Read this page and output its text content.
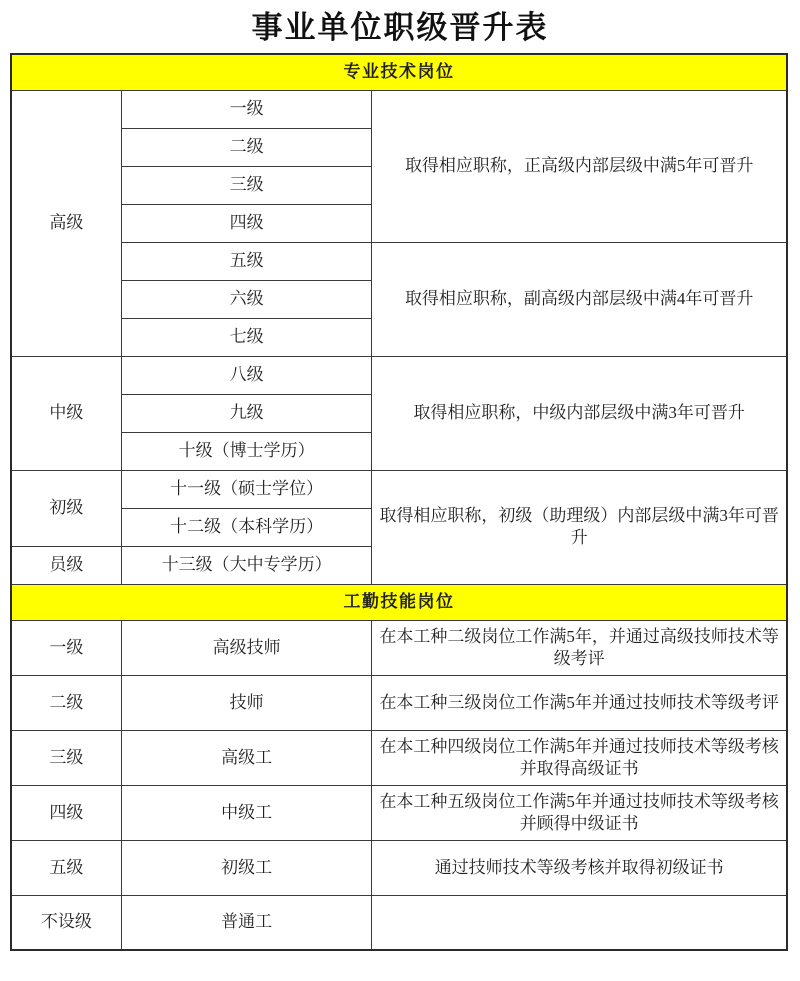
事业单位职级晋升表
专业技术岗位		
高级	一级	取得相应职称，正高级内部层级中满5年可晋升
	二级	
	三级	
	四级	
	五级	取得相应职称，副高级内部层级中满4年可晋升
	六级	
	七级	
中级	八级	取得相应职称，中级内部层级中满3年可晋升
	九级	
	十级（博士学历）	
初级	十一级（硕士学位）	取得相应职称，初级（助理级）内部层级中满3年可晋升
	十二级（本科学历）	
员级	十三级（大中专学历）	
工勤技能岗位		
一级	高级技师	在本工种二级岗位工作满5年，并通过高级技师技术等级考评
二级	技师	在本工种三级岗位工作满5年并通过技师技术等级考评
三级	高级工	在本工种四级岗位工作满5年并通过技师技术等级考核并取得高级证书
四级	中级工	在本工种五级岗位工作满5年并通过技师技术等级考核并顾得中级证书
五级	初级工	通过技师技术等级考核并取得初级证书
不设级	普通工	
